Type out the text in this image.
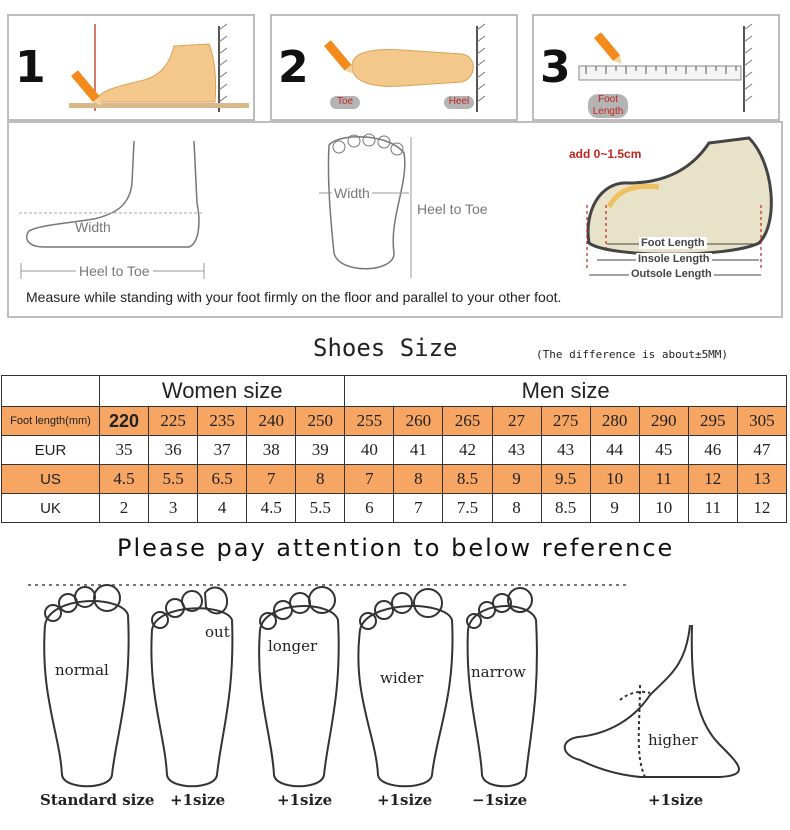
1	2
Toe	Heel
3
Foot Length
Width
Heel to Toe
Width
Heel to Toe
add 0~1.5cm
Foot Length
Insole Length
Outsole Length
Measure while standing with your foot firmly on the floor and parallel to your other foot.
Shoes Size	(The difference is about±5MM)
	Women size					Men size								
Foot length(mm)	220	225	235	240	250	255	260	265	27	275	280	290	295	305
EUR	35	36	37	38	39	40	41	42	43	43	44	45	46	47
US	4.5	5.5	6.5	7	8	7	8	8.5	9	9.5	10	11	12	13
UK	2	3	4	4.5	5.5	6	7	7.5	8	8.5	9	10	11	12
Please pay attention to below reference
normal
out
longer
wider	narrow
higher
Standard size +1size	+1size	+1size	−1size	+1size
